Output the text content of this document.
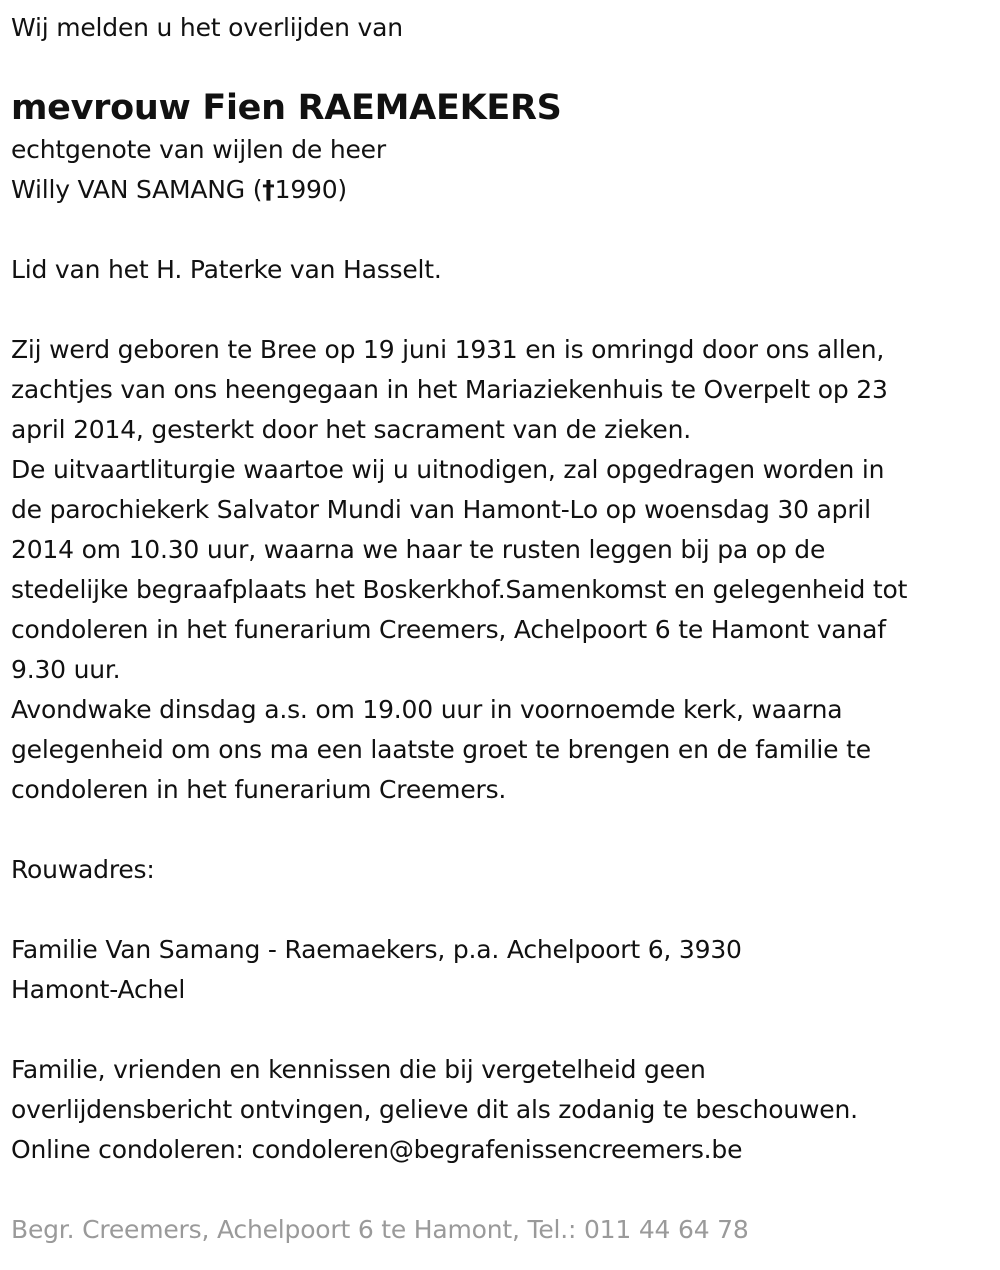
Wij melden u het overlijden van
mevrouw Fien RAEMAEKERS
echtgenote van wijlen de heer
Willy VAN SAMANG (†1990)
Lid van het H. Paterke van Hasselt.
Zij werd geboren te Bree op 19 juni 1931 en is omringd door ons allen,
zachtjes van ons heengegaan in het Mariaziekenhuis te Overpelt op 23
april 2014, gesterkt door het sacrament van de zieken.
De uitvaartliturgie waartoe wij u uitnodigen, zal opgedragen worden in
de parochiekerk Salvator Mundi van Hamont-Lo op woensdag 30 april
2014 om 10.30 uur, waarna we haar te rusten leggen bij pa op de
stedelijke begraafplaats het Boskerkhof.Samenkomst en gelegenheid tot
condoleren in het funerarium Creemers, Achelpoort 6 te Hamont vanaf
9.30 uur.
Avondwake dinsdag a.s. om 19.00 uur in voornoemde kerk, waarna
gelegenheid om ons ma een laatste groet te brengen en de familie te
condoleren in het funerarium Creemers.
Rouwadres:
Familie Van Samang - Raemaekers, p.a. Achelpoort 6, 3930
Hamont-Achel
Familie, vrienden en kennissen die bij vergetelheid geen
overlijdensbericht ontvingen, gelieve dit als zodanig te beschouwen.
Online condoleren: condoleren@begrafenissencreemers.be
Begr. Creemers, Achelpoort 6 te Hamont, Tel.: 011 44 64 78
